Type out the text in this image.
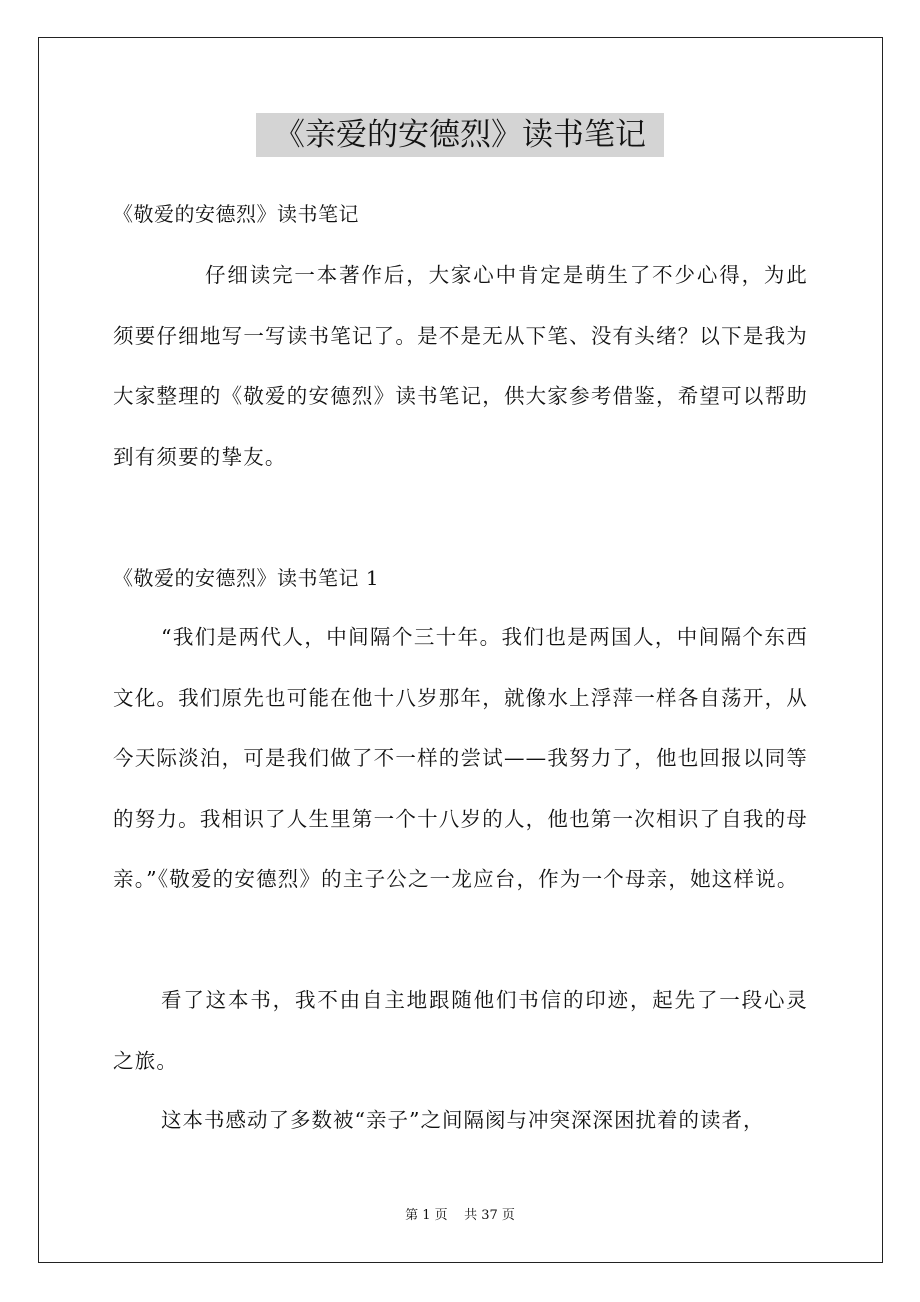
《亲爱的安德烈》读书笔记
《敬爱的安德烈》读书笔记
仔细读完一本著作后，大家心中肯定是萌生了不少心得，为此须要仔细地写一写读书笔记了。是不是无从下笔、没有头绪？以下是我为大家整理的《敬爱的安德烈》读书笔记，供大家参考借鉴，希望可以帮助到有须要的挚友。
《敬爱的安德烈》读书笔记 1
“我们是两代人，中间隔个三十年。我们也是两国人，中间隔个东西文化。我们原先也可能在他十八岁那年，就像水上浮萍一样各自荡开，从今天际淡泊，可是我们做了不一样的尝试——我努力了，他也回报以同等的努力。我相识了人生里第一个十八岁的人，他也第一次相识了自我的母亲。”《敬爱的安德烈》的主子公之一龙应台，作为一个母亲，她这样说。
看了这本书，我不由自主地跟随他们书信的印迹，起先了一段心灵之旅。
这本书感动了多数被“亲子”之间隔阂与冲突深深困扰着的读者，
第 1 页    共 37 页
